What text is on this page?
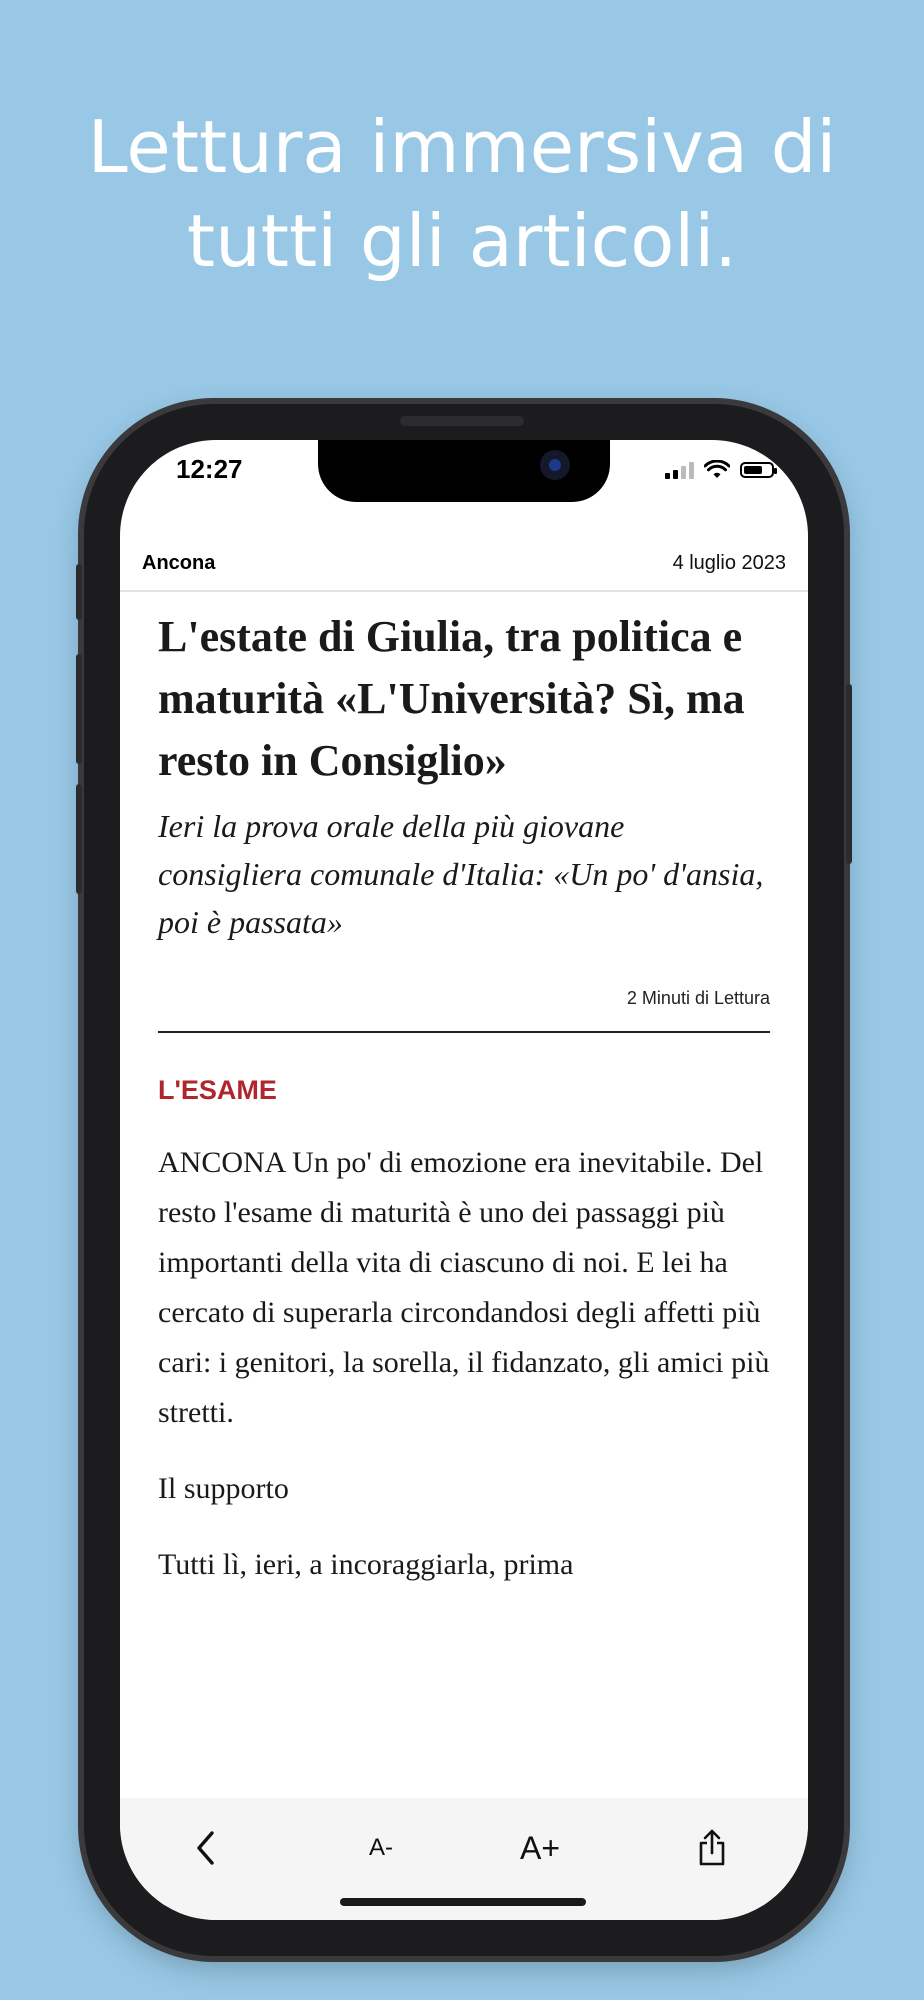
Lettura immersiva di
tutti gli articoli.
12:27
Ancona	4 luglio 2023
L'estate di Giulia, tra politica e maturità «L'Università? Sì, ma resto in Consiglio»

Ieri la prova orale della più giovane consigliera comunale d'Italia: «Un po' d'ansia, poi è passata»

2 Minuti di Lettura
L'ESAME

ANCONA Un po' di emozione era inevitabile. Del resto l'esame di maturità è uno dei passaggi più importanti della vita di ciascuno di noi. E lei ha cercato di superarla circondandosi degli affetti più cari: i genitori, la sorella, il fidanzato, gli amici più stretti.

Il supporto

Tutti lì, ieri, a incoraggiarla, prima

A-	A+
